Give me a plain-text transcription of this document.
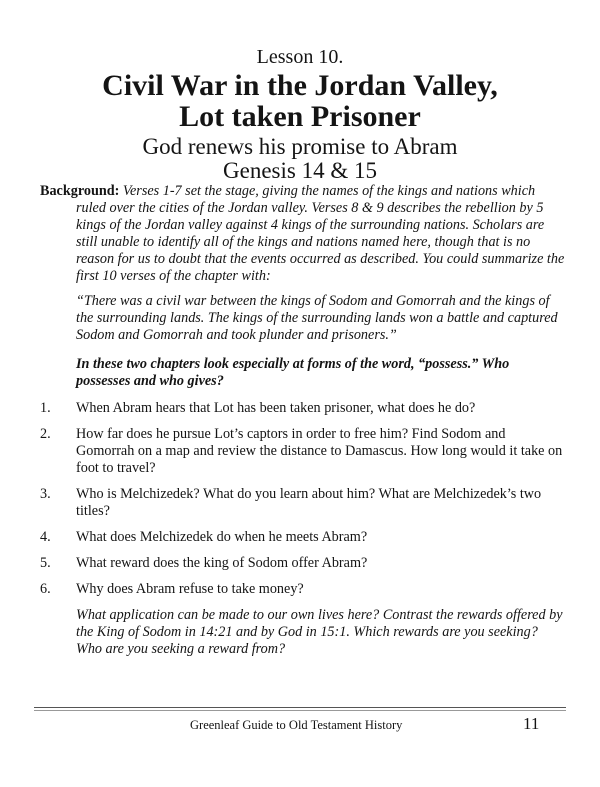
Lesson 10.
Civil War in the Jordan Valley,
Lot taken Prisoner
God renews his promise to Abram
Genesis 14 & 15

Background: Verses 1-7 set the stage, giving the names of the kings and nations which ruled over the cities of the Jordan valley. Verses 8 & 9 describes the rebellion by 5 kings of the Jordan valley against 4 kings of the surrounding nations. Scholars are still unable to identify all of the kings and nations named here, though that is no reason for us to doubt that the events occurred as described. You could summarize the first 10 verses of the chapter with:

“There was a civil war between the kings of Sodom and Gomorrah and the kings of the surrounding lands. The kings of the surrounding lands won a battle and captured Sodom and Gomorrah and took plunder and prisoners.”

In these two chapters look especially at forms of the word, “possess.” Who possesses and who gives?

1.	When Abram hears that Lot has been taken prisoner, what does he do?
2.	How far does he pursue Lot’s captors in order to free him? Find Sodom and Gomorrah on a map and review the distance to Damascus. How long would it take on foot to travel?
3.	Who is Melchizedek? What do you learn about him? What are Melchizedek’s two titles?
4.	What does Melchizedek do when he meets Abram?
5.	What reward does the king of Sodom offer Abram?
6.	Why does Abram refuse to take money?

What application can be made to our own lives here? Contrast the rewards offered by the King of Sodom in 14:21 and by God in 15:1. Which rewards are you seeking? Who are you seeking a reward from?

Greenleaf Guide to Old Testament History	11
